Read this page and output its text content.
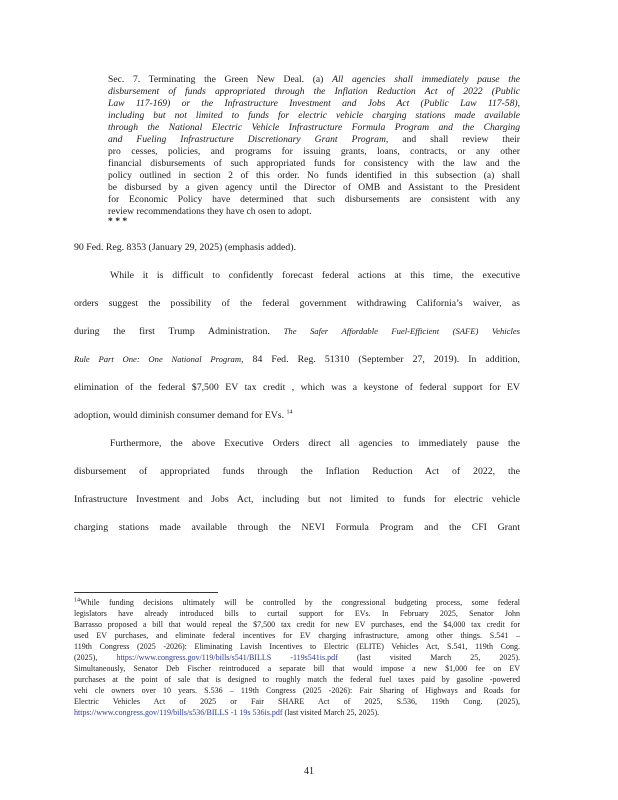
Sec. 7. Terminating the Green New Deal. (a) All agencies shall immediately pause the
disbursement of funds appropriated through the Inflation Reduction Act of 2022 (Public
Law 117-169) or the Infrastructure Investment and Jobs Act (Public Law 117-58),
including but not limited to funds for electric vehicle charging stations made available
through the National Electric Vehicle Infrastructure Formula Program and the Charging
and Fueling Infrastructure Discretionary Grant Program, and shall review their
pro cesses, policies, and programs for issuing grants, loans, contracts, or any other
financial disbursements of such appropriated funds for consistency with the law and the
policy outlined in section 2 of this order. No funds identified in this subsection (a) shall
be disbursed by a given agency until the Director of OMB and Assistant to the President
for Economic Policy have determined that such disbursements are consistent with any
review recommendations they have ch osen to adopt.
* * *
90 Fed. Reg. 8353 (January 29, 2025) (emphasis added).
While it is difficult to confidently forecast federal actions at this time, the executive
orders suggest the possibility of the federal government withdrawing California’s waiver, as
during the first Trump Administration. The Safer Affordable Fuel-Efficient (SAFE) Vehicles
Rule Part One: One National Program, 84 Fed. Reg. 51310 (September 27, 2019). In addition,
elimination of the federal $7,500 EV tax credit , which was a keystone of federal support for EV
adoption, would diminish consumer demand for EVs. $^{14}$
Furthermore, the above Executive Orders direct all agencies to immediately pause the
disbursement of appropriated funds through the Inflation Reduction Act of 2022, the
Infrastructure Investment and Jobs Act, including but not limited to funds for electric vehicle
charging stations made available through the NEVI Formula Program and the CFI Grant
$^{14}$While funding decisions ultimately will be controlled by the congressional budgeting process, some federal
legislators have already introduced bills to curtail support for EVs. In February 2025, Senator John
Barrasso proposed a bill that would repeal the $7,500 tax credit for new EV purchases, end the $4,000 tax credit for
used EV purchases, and eliminate federal incentives for EV charging infrastructure, among other things. S.541 –
119th Congress (2025 -2026): Eliminating Lavish Incentives to Electric (ELITE) Vehicles Act, S.541, 119th Cong.
(2025), https://www.congress.gov/119/bills/s541/BILLS -119s541is.pdf (last visited March 25, 2025).
Simultaneously, Senator Deb Fischer reintroduced a separate bill that would impose a new $1,000 fee on EV
purchases at the point of sale that is designed to roughly match the federal fuel taxes paid by gasoline -powered
vehi cle owners over 10 years. S.536 – 119th Congress (2025 -2026): Fair Sharing of Highways and Roads for
Electric Vehicles Act of 2025 or Fair SHARE Act of 2025, S.536, 119th Cong. (2025),
https://www.congress.gov/119/bills/s536/BILLS -1 19s 536is.pdf (last visited March 25, 2025).
41
